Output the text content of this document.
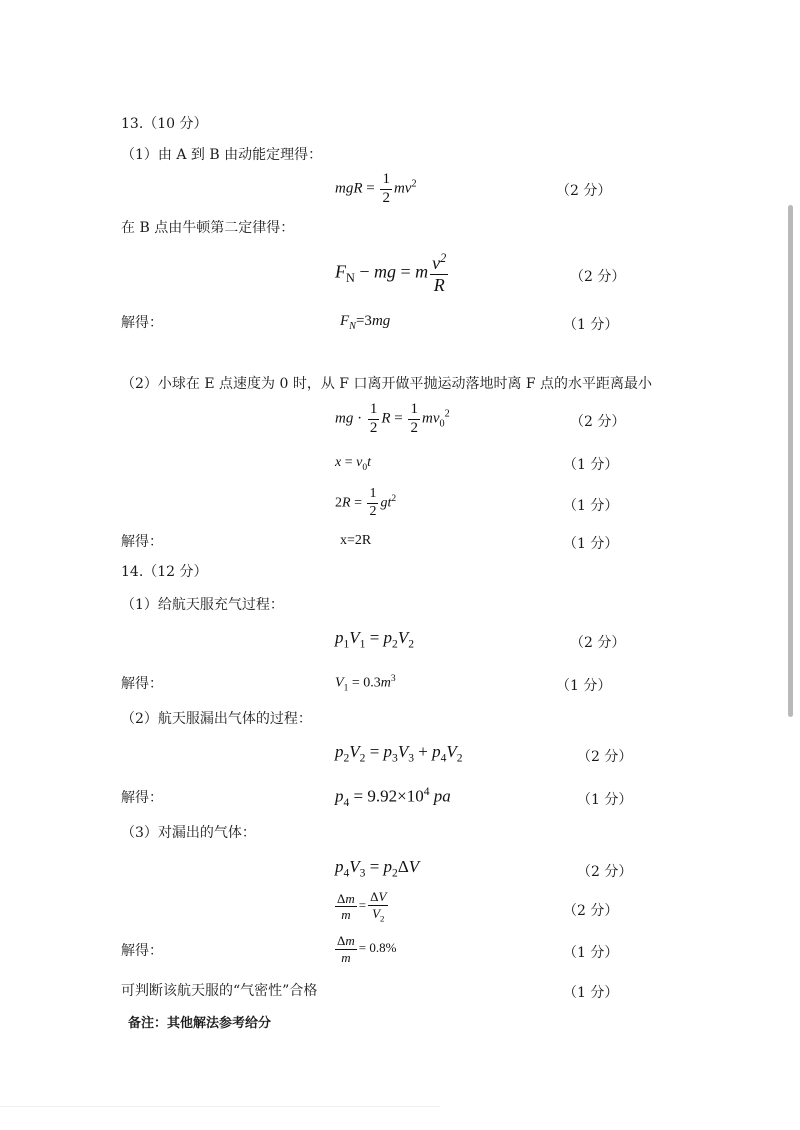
13.（10 分）
（1）由 A 到 B 由动能定理得：
mgR = $\frac{1}{2} mv^2$	（2 分）
在 B 点由牛顿第二定律得：
$F_N$ − mg = m $\frac{v^2}{R}$	（2 分）
解得：	$F_N=3mg$	（1 分）
（2）小球在 E 点速度为 0 时，从 F 口离开做平抛运动落地时离 F 点的水平距离最小
mg · $\frac{1}{2}$ $R = \frac{1}{2} mv_0^2$	（2 分）
$x = v_0t$	（1 分）
$2R = \frac{1}{2} gt^2$	（1 分）
解得：	x=2R	（1 分）
14.（12 分）
（1）给航天服充气过程：
$p_1V_1 = p_2V_2$	（2 分）
解得：	$V_1 = 0.3m^3$	（1 分）
（2）航天服漏出气体的过程：
$p_2V_2 = p_3V_3 + p_4V_2$	（2 分）
解得：	$p_4 = 9.92\times 10^4$ pa	（1 分）
（3）对漏出的气体：
$p_4V_3 = p_2\Delta V$	（2 分）
$\frac{\Delta m}{m} = \frac{\Delta V}{V_2}$	（2 分）
解得：	$\frac{\Delta m}{m} = 0.8\%$	（1 分）
可判断该航天服的“气密性”合格	（1 分）
备注：其他解法参考给分
